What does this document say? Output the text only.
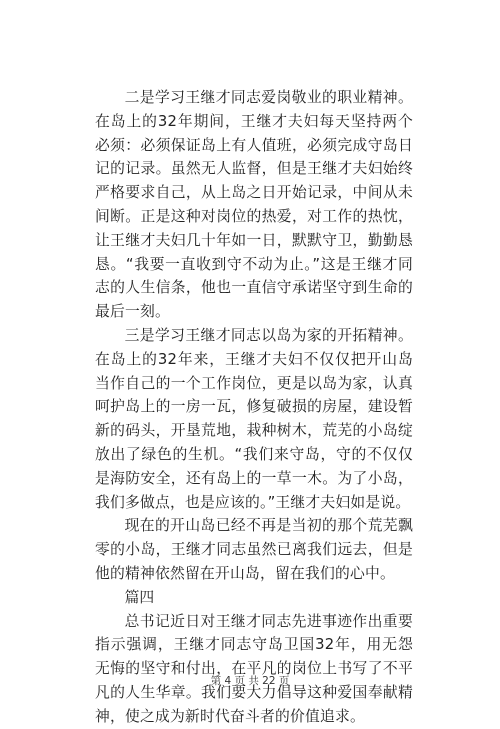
二是学习王继才同志爱岗敬业的职业精神。在岛上的32年期间，王继才夫妇每天坚持两个必须：必须保证岛上有人值班，必须完成守岛日记的记录。虽然无人监督，但是王继才夫妇始终严格要求自己，从上岛之日开始记录，中间从未间断。正是这种对岗位的热爱，对工作的热忱，让王继才夫妇几十年如一日，默默守卫，勤勤恳恳。“我要一直收到守不动为止。”这是王继才同志的人生信条，他也一直信守承诺坚守到生命的最后一刻。

三是学习王继才同志以岛为家的开拓精神。在岛上的32年来，王继才夫妇不仅仅把开山岛当作自己的一个工作岗位，更是以岛为家，认真呵护岛上的一房一瓦，修复破损的房屋，建设暂新的码头，开垦荒地，栽种树木，荒芜的小岛绽放出了绿色的生机。“我们来守岛，守的不仅仅是海防安全，还有岛上的一草一木。为了小岛，我们多做点，也是应该的。”王继才夫妇如是说。

现在的开山岛已经不再是当初的那个荒芜飘零的小岛，王继才同志虽然已离我们远去，但是他的精神依然留在开山岛，留在我们的心中。

篇四

总书记近日对王继才同志先进事迹作出重要指示强调，王继才同志守岛卫国32年，用无怨无悔的坚守和付出，在平凡的岗位上书写了不平凡的人生华章。我们要大力倡导这种爱国奉献精神，使之成为新时代奋斗者的价值追求。

第 4 页 共 22 页
